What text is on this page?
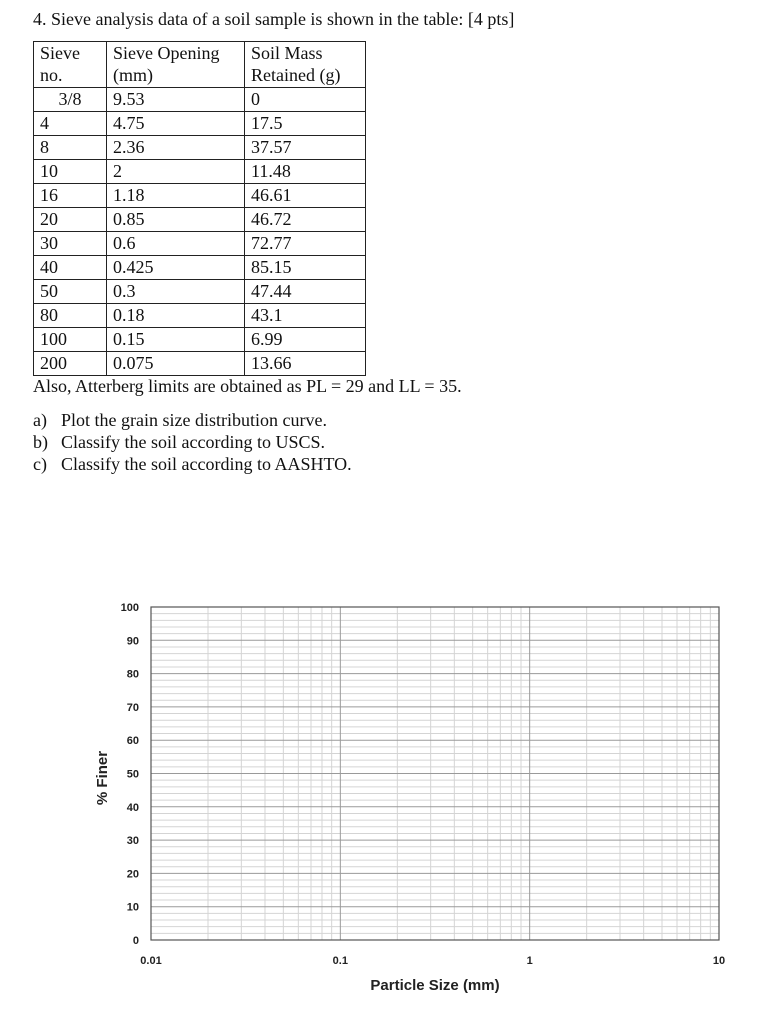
4. Sieve analysis data of a soil sample is shown in the table: [4 pts]
Sieve no.	Sieve Opening (mm)	Soil Mass Retained (g)
3/8	9.53	0
4	4.75	17.5
8	2.36	37.57
10	2	11.48
16	1.18	46.61
20	0.85	46.72
30	0.6	72.77
40	0.425	85.15
50	0.3	47.44
80	0.18	43.1
100	0.15	6.99
200	0.075	13.66
Also, Atterberg limits are obtained as PL = 29 and LL = 35.
a) Plot the grain size distribution curve.
b) Classify the soil according to USCS.
c) Classify the soil according to AASHTO.
0
10
20
30
40
50
60
70
80
90
100
0.01	0.1	1	10
% Finer
Particle Size (mm)
